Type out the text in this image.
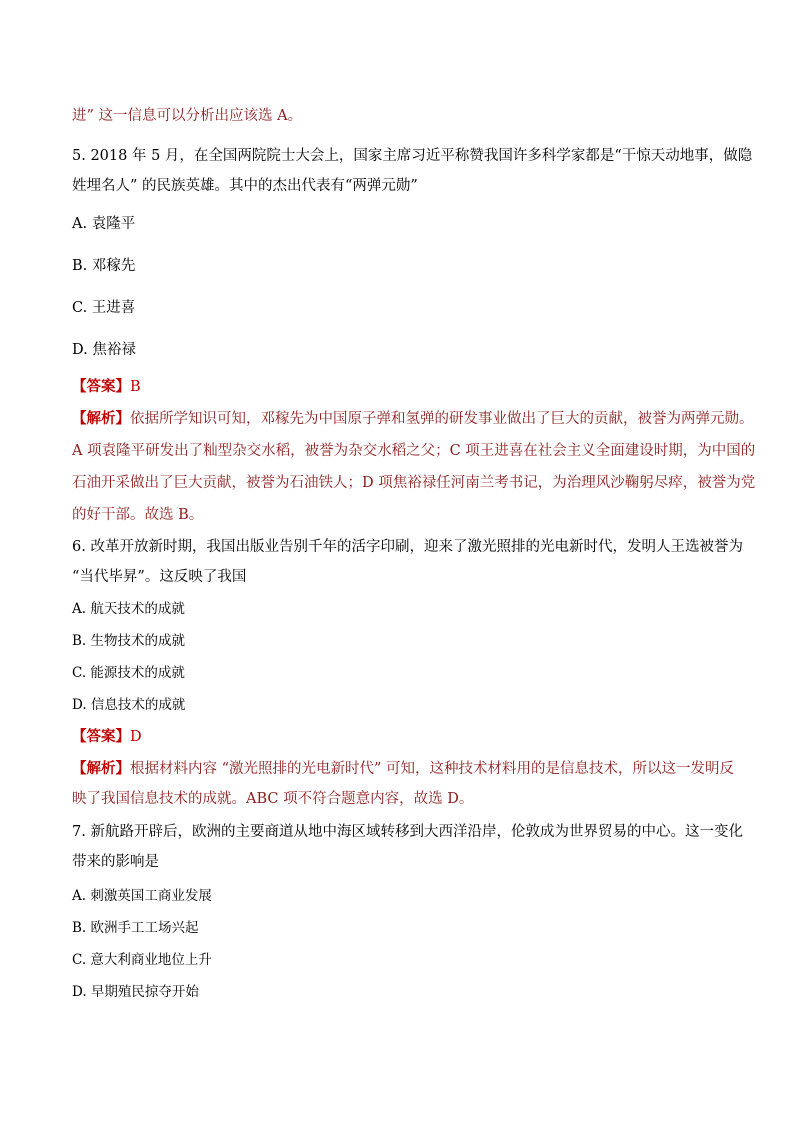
进” 这一信息可以分析出应该选 A。
5. 2018 年 5 月，在全国两院院士大会上，国家主席习近平称赞我国许多科学家都是“干惊天动地事，做隐
姓埋名人” 的民族英雄。其中的杰出代表有“两弹元勋”
A. 袁隆平
B. 邓稼先
C. 王进喜
D. 焦裕禄
【答案】B
【解析】依据所学知识可知，邓稼先为中国原子弹和氢弹的研发事业做出了巨大的贡献，被誉为两弹元勋。
A 项袁隆平研发出了籼型杂交水稻，被誉为杂交水稻之父；C 项王进喜在社会主义全面建设时期，为中国的
石油开采做出了巨大贡献，被誉为石油铁人；D 项焦裕禄任河南兰考书记，为治理风沙鞠躬尽瘁，被誉为党
的好干部。故选 B。
6. 改革开放新时期，我国出版业告别千年的活字印刷，迎来了激光照排的光电新时代，发明人王选被誉为
“当代毕昇”。这反映了我国
A. 航天技术的成就
B. 生物技术的成就
C. 能源技术的成就
D. 信息技术的成就
【答案】D
【解析】根据材料内容 “激光照排的光电新时代” 可知，这种技术材料用的是信息技术，所以这一发明反
映了我国信息技术的成就。ABC 项不符合题意内容，故选 D。
7. 新航路开辟后，欧洲的主要商道从地中海区域转移到大西洋沿岸，伦敦成为世界贸易的中心。这一变化
带来的影响是
A. 刺激英国工商业发展
B. 欧洲手工工场兴起
C. 意大利商业地位上升
D. 早期殖民掠夺开始
